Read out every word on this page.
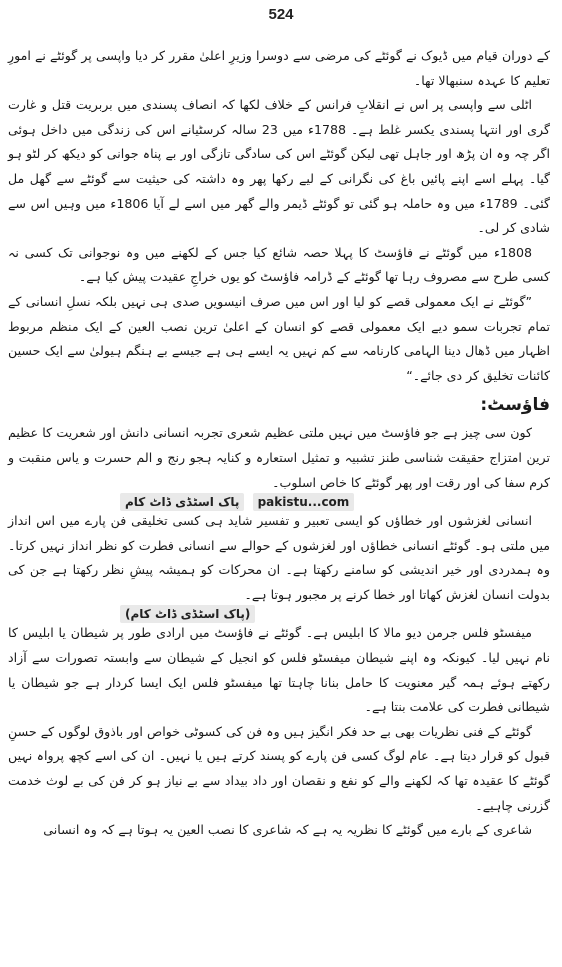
524

کے دوران قیام میں ڈیوک نے گوئٹے کی مرضی سے دوسرا وزیرِ اعلیٰ مقرر کر دیا واپسی پر گوئٹے نے امورِ تعلیم کا عہدہ سنبھالا تھا۔

اٹلی سے واپسی پر اس نے انقلابِ فرانس کے خلاف لکھا کہ انصاف پسندی میں بربریت قتل و غارت گری اور انتہا پسندی یکسر غلط ہے۔ 1788ء میں 23 سالہ کرسٹیانے اس کی زندگی میں داخل ہوئی اگر چہ وہ ان پڑھ اور جاہل تھی لیکن گوئٹے اس کی سادگی تازگی اور بے پناہ جوانی کو دیکھ کر لٹو ہو گیا۔ پہلے اسے اپنے پائیں باغ کی نگرانی کے لیے رکھا پھر وہ داشتہ کی حیثیت سے گوئٹے سے گھل مل گئی۔ 1789ء میں وہ حاملہ ہو گئی تو گوئٹے ڈیمر والے گھر میں اسے لے آیا 1806ء میں وہیں اس سے شادی کر لی۔

1808ء میں گوئٹے نے فاؤسٹ کا پہلا حصہ شائع کیا جس کے لکھنے میں وہ نوجوانی تک کسی نہ کسی طرح سے مصروف رہا تھا گوئٹے کے ڈرامہ فاؤسٹ کو یوں خراجِ عقیدت پیش کیا ہے۔

”گوئٹے نے ایک معمولی قصے کو لیا اور اس میں صرف انیسویں صدی ہی نہیں بلکہ نسلِ انسانی کے تمام تجربات سمو دیے ایک معمولی قصے کو انسان کے اعلیٰ ترین نصب العین کے ایک منظم مربوط اظہار میں ڈھال دینا الہامی کارنامہ سے کم نہیں یہ ایسے ہی ہے جیسے بے ہنگم ہیولیٰ سے ایک حسین کائنات تخلیق کر دی جائے۔“

فاؤسٹ:

کون سی چیز ہے جو فاؤسٹ میں نہیں ملتی عظیم شعری تجربہ انسانی دانش اور شعریت کا عظیم ترین امتزاج حقیقت شناسی طنز تشبیہ و تمثیل استعارہ و کنایہ ہجو رنج و الم حسرت و یاس منقبت و کرم سفا کی اور رقت اور پھر گوئٹے کا خاص اسلوب۔

pakistu...com پاک اسٹڈی ڈاٹ کام

انسانی لغزشوں اور خطاؤں کو ایسی تعبیر و تفسیر شاید ہی کسی تخلیقی فن پارے میں اس انداز میں ملتی ہو۔ گوئٹے انسانی خطاؤں اور لغزشوں کے حوالے سے انسانی فطرت کو نظر انداز نہیں کرتا۔ وہ ہمدردی اور خیر اندیشی کو سامنے رکھتا ہے۔ ان محرکات کو ہمیشہ پیشِ نظر رکھتا ہے جن کی بدولت انسان لغزش کھاتا اور خطا کرنے پر مجبور ہوتا ہے۔

(پاک اسٹڈی ڈاٹ کام)

میفسٹو فلس جرمن دیو مالا کا ابلیس ہے۔ گوئٹے نے فاؤسٹ میں ارادی طور پر شیطان یا ابلیس کا نام نہیں لیا۔ کیونکہ وہ اپنے شیطان میفسٹو فلس کو انجیل کے شیطان سے وابستہ تصورات سے آزاد رکھتے ہوئے ہمہ گیر معنویت کا حامل بنانا چاہتا تھا میفسٹو فلس ایک ایسا کردار ہے جو شیطان یا شیطانی فطرت کی علامت بنتا ہے۔

گوئٹے کے فنی نظریات بھی بے حد فکر انگیز ہیں وہ فن کی کسوٹی خواص اور باذوق لوگوں کے حسنِ قبول کو قرار دیتا ہے۔ عام لوگ کسی فن پارے کو پسند کرتے ہیں یا نہیں۔ ان کی اسے کچھ پرواہ نہیں گوئٹے کا عقیدہ تھا کہ لکھنے والے کو نفع و نقصان اور داد بیداد سے بے نیاز ہو کر فن کی بے لوث خدمت گزرنی چاہیے۔

شاعری کے بارے میں گوئٹے کا نظریہ یہ ہے کہ شاعری کا نصب العین یہ ہوتا ہے کہ وہ انسانی
